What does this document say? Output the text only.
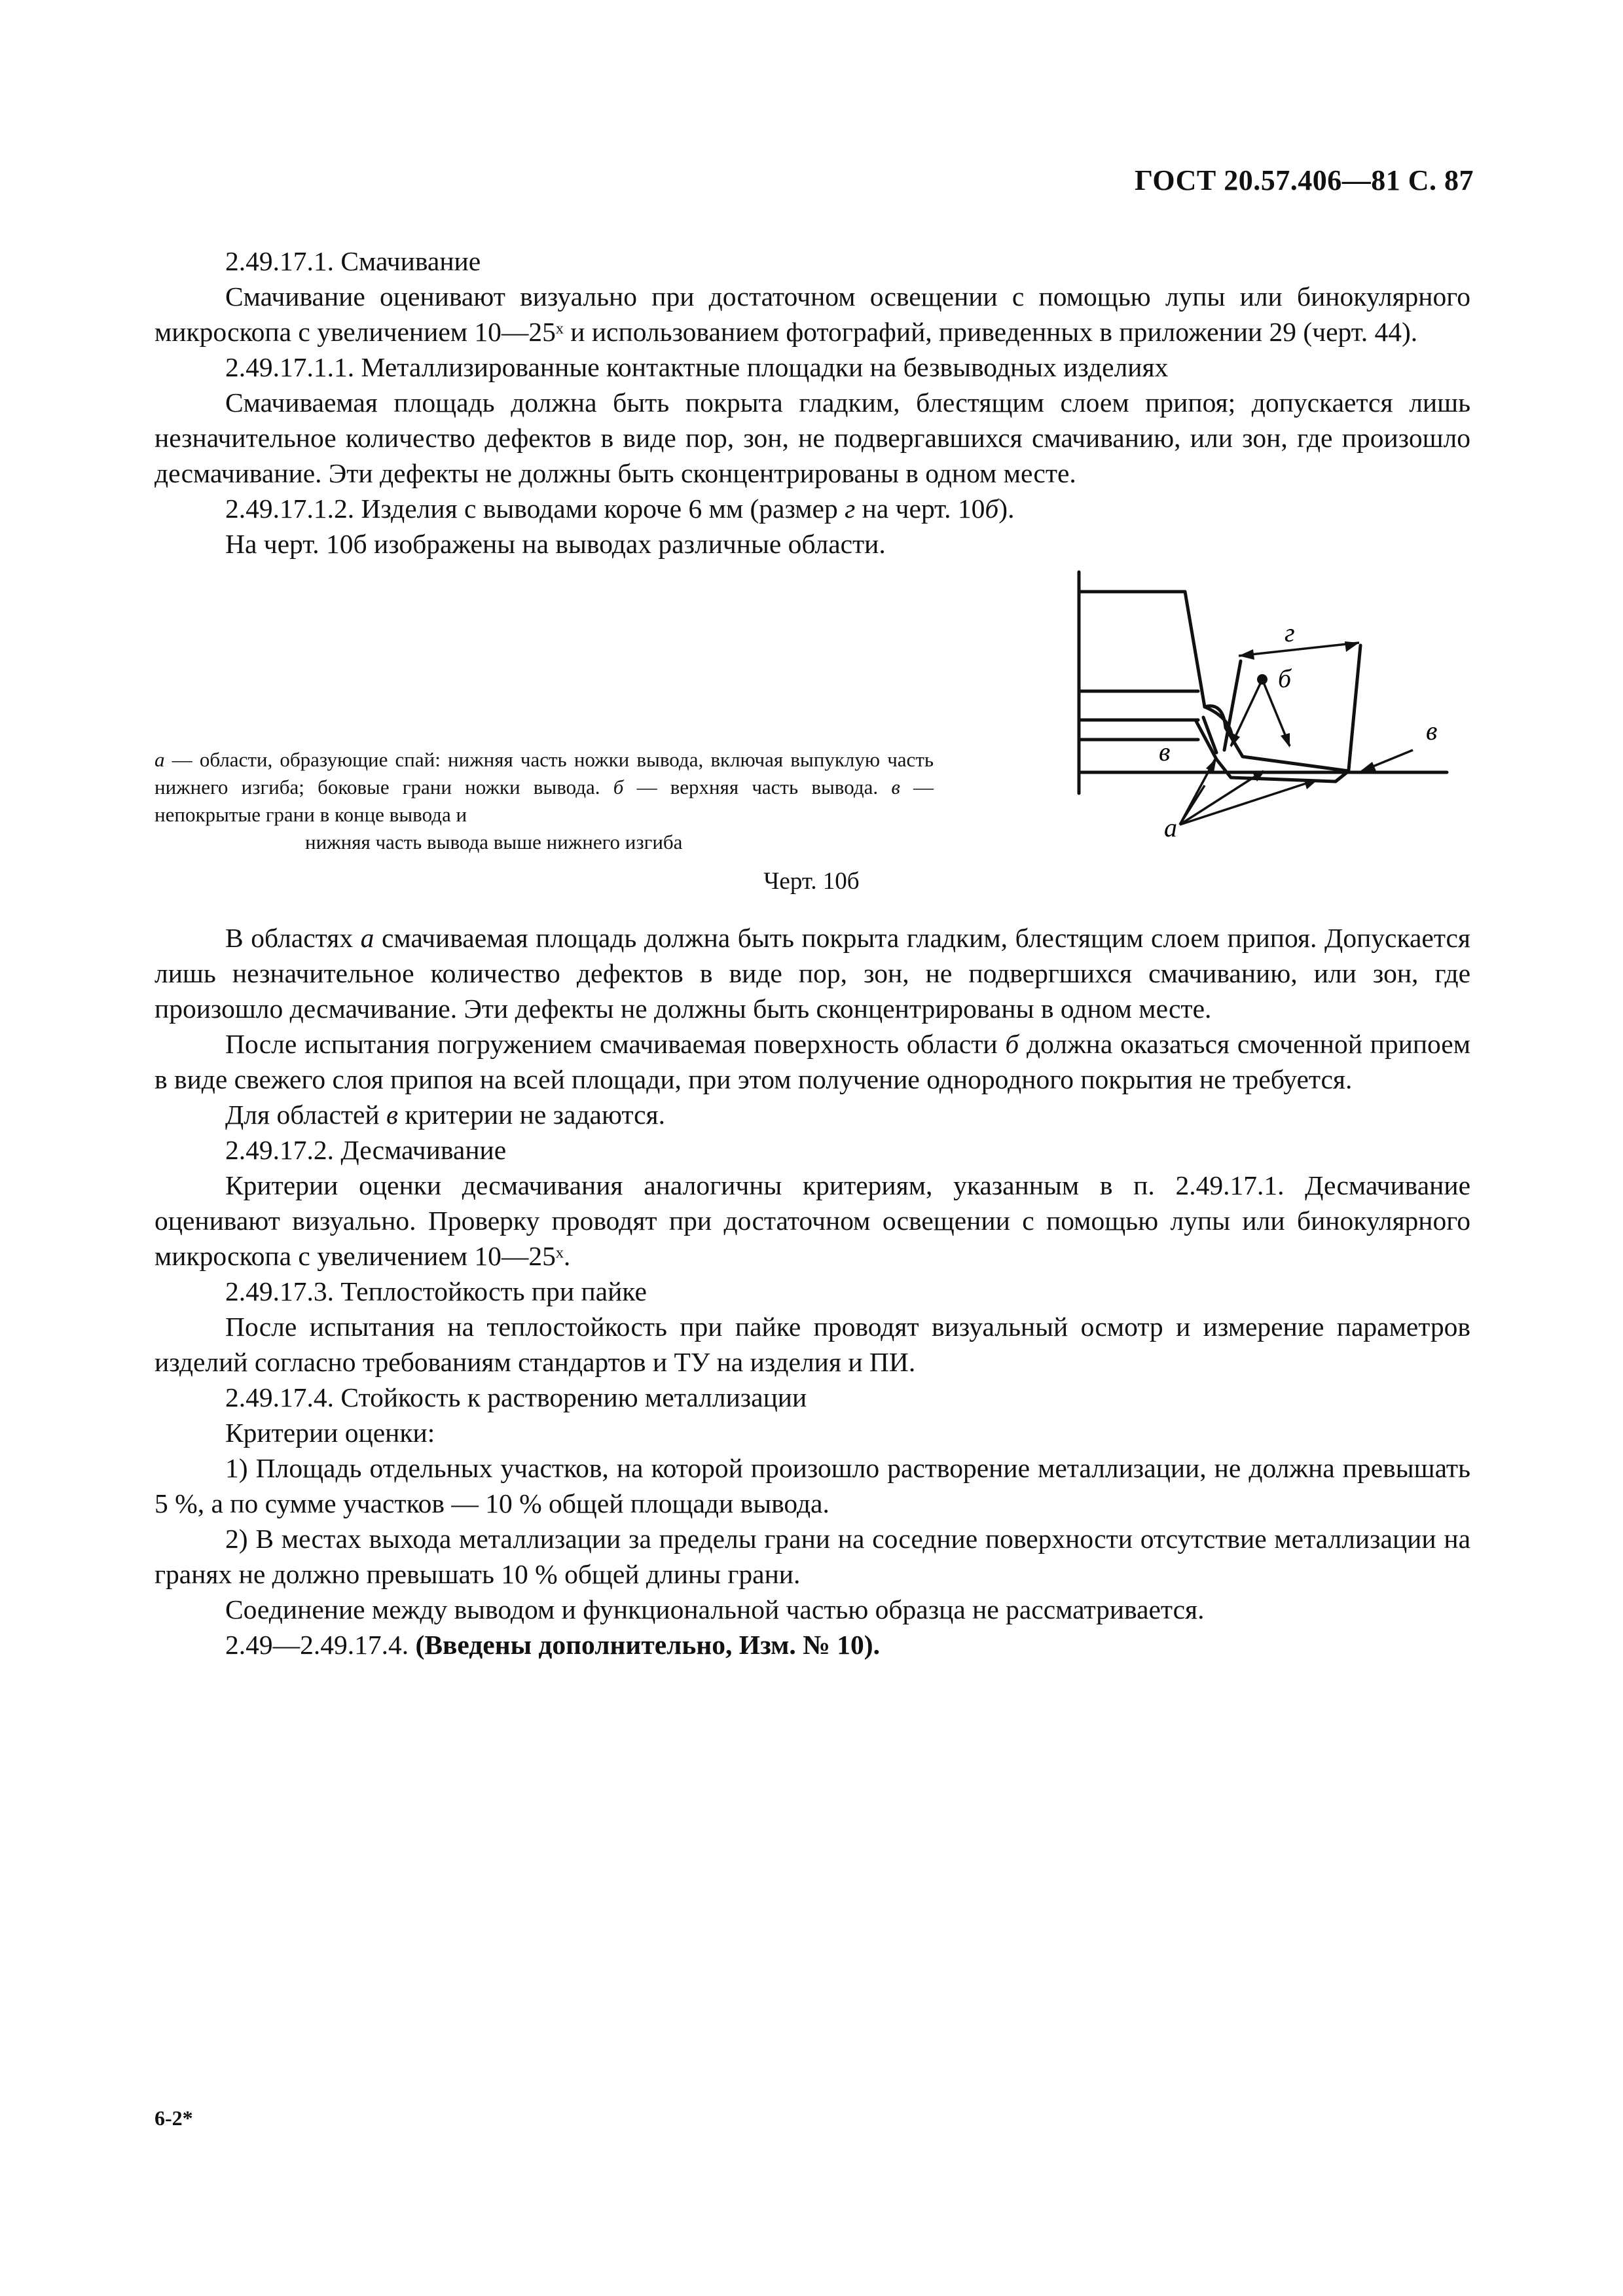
ГОСТ 20.57.406—81 С. 87

2.49.17.1. Смачивание

Смачивание оценивают визуально при достаточном освещении с помощью лупы или бинокулярного микроскопа с увеличением 10—25ˣ и использованием фотографий, приведенных в приложении 29 (черт. 44).

2.49.17.1.1. Металлизированные контактные площадки на безвыводных изделиях

Смачиваемая площадь должна быть покрыта гладким, блестящим слоем припоя; допускается лишь незначительное количество дефектов в виде пор, зон, не подвергавшихся смачиванию, или зон, где произошло десмачивание. Эти дефекты не должны быть сконцентрированы в одном месте.

2.49.17.1.2. Изделия с выводами короче 6 мм (размер г на черт. 10б).

На черт. 10б изображены на выводах различные области.

а — области, образующие спай: нижняя часть ножки вывода, включая выпуклую часть нижнего изгиба; боковые грани ножки вывода. б — верхняя часть вывода. в — непокрытые грани в конце вывода и

нижняя часть вывода выше нижнего изгиба

г
б
в
в
а
Черт. 10б

В областях а смачиваемая площадь должна быть покрыта гладким, блестящим слоем припоя. Допускается лишь незначительное количество дефектов в виде пор, зон, не подвергшихся смачиванию, или зон, где произошло десмачивание. Эти дефекты не должны быть сконцентрированы в одном месте.

После испытания погружением смачиваемая поверхность области б должна оказаться смоченной припоем в виде свежего слоя припоя на всей площади, при этом получение однородного покрытия не требуется.

Для областей в критерии не задаются.

2.49.17.2. Десмачивание

Критерии оценки десмачивания аналогичны критериям, указанным в п. 2.49.17.1. Десмачивание оценивают визуально. Проверку проводят при достаточном освещении с помощью лупы или бинокулярного микроскопа с увеличением 10—25ˣ.

2.49.17.3. Теплостойкость при пайке

После испытания на теплостойкость при пайке проводят визуальный осмотр и измерение параметров изделий согласно требованиям стандартов и ТУ на изделия и ПИ.

2.49.17.4. Стойкость к растворению металлизации

Критерии оценки:

1) Площадь отдельных участков, на которой произошло растворение металлизации, не должна превышать 5 %, а по сумме участков — 10 % общей площади вывода.

2) В местах выхода металлизации за пределы грани на соседние поверхности отсутствие металлизации на гранях не должно превышать 10 % общей длины грани.

Соединение между выводом и функциональной частью образца не рассматривается.

2.49—2.49.17.4. (Введены дополнительно, Изм. № 10).

6-2*
